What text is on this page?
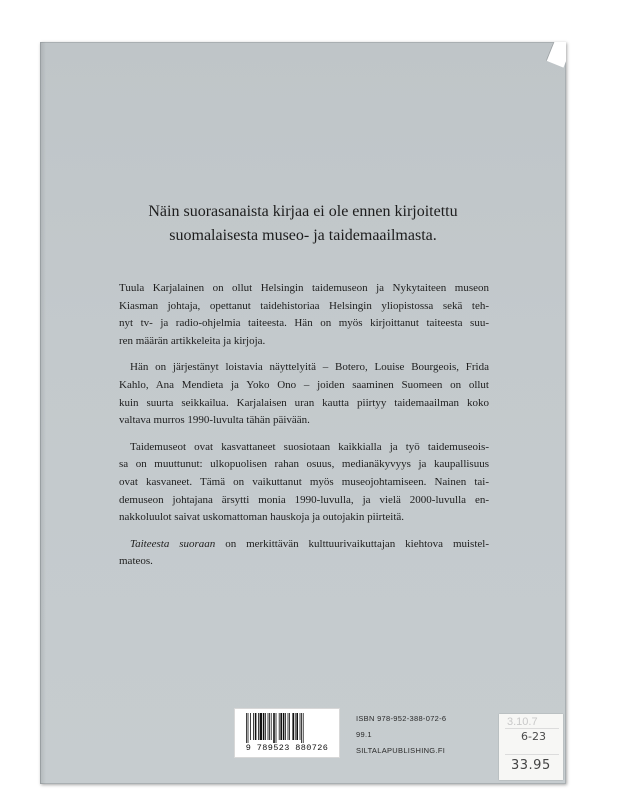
Näin suorasanaista kirjaa ei ole ennen kirjoitettu
suomalaisesta museo- ja taidemaailmasta.

Tuula Karjalainen on ollut Helsingin taidemuseon ja Nykytaiteen museon
Kiasman johtaja, opettanut taidehistoriaa Helsingin yliopistossa sekä teh-
nyt tv- ja radio-ohjelmia taiteesta. Hän on myös kirjoittanut taiteesta suu-
ren määrän artikkeleita ja kirjoja.

Hän on järjestänyt loistavia näyttelyitä – Botero, Louise Bourgeois, Frida
Kahlo, Ana Mendieta ja Yoko Ono – joiden saaminen Suomeen on ollut
kuin suurta seikkailua. Karjalaisen uran kautta piirtyy taidemaailman koko
valtava murros 1990-luvulta tähän päivään.

Taidemuseot ovat kasvattaneet suosiotaan kaikkialla ja työ taidemuseois-
sa on muuttunut: ulkopuolisen rahan osuus, medianäkyvyys ja kaupallisuus
ovat kasvaneet. Tämä on vaikuttanut myös museojohtamiseen. Nainen tai-
demuseon johtajana ärsytti monia 1990-luvulla, ja vielä 2000-luvulla en-
nakkoluulot saivat uskomattoman hauskoja ja outojakin piirteitä.

Taiteesta suoraan on merkittävän kulttuurivaikuttajan kiehtova muistel-
mateos.

9 789523 880726
ISBN 978-952-388-072-6
99.1
SILTALAPUBLISHING.FI
3.10.7
6-23
33.95
